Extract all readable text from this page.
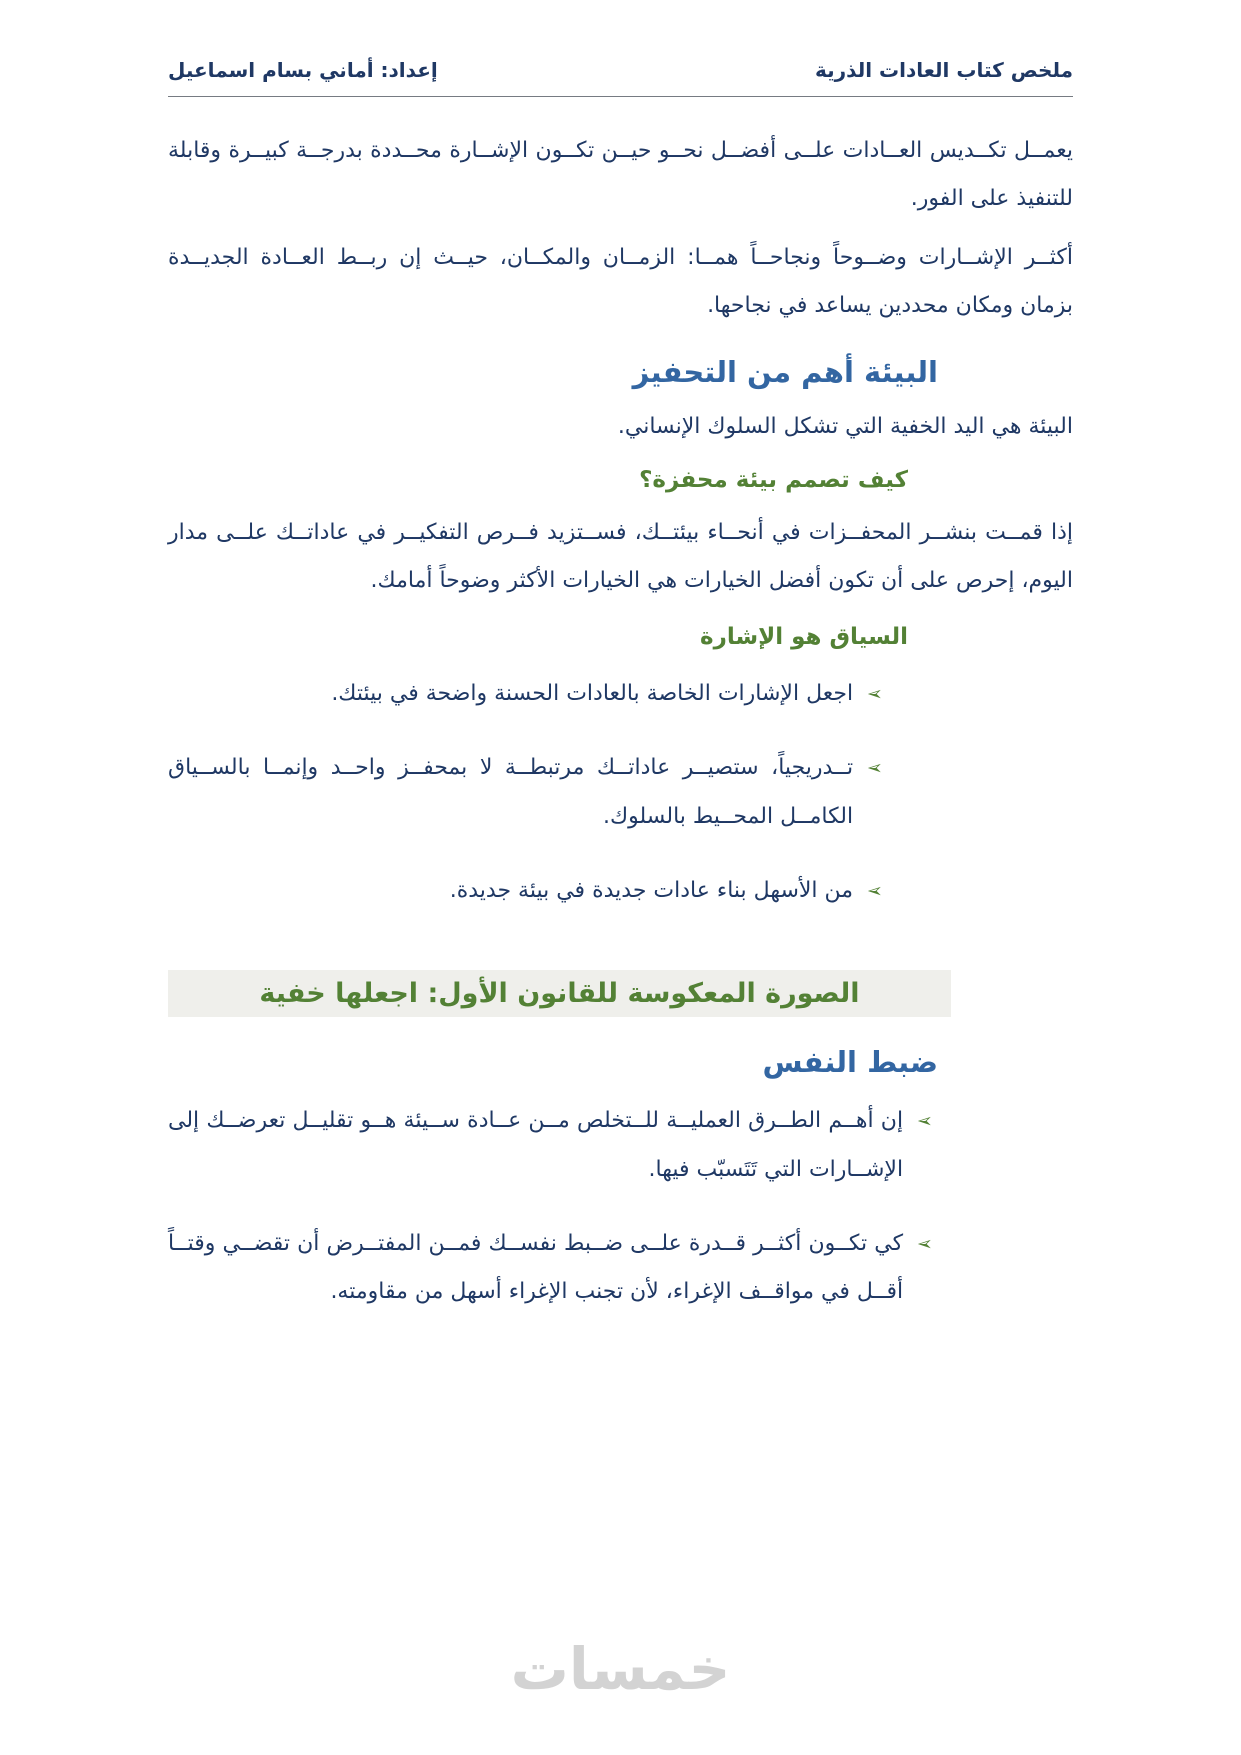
ملخص كتاب العادات الذرية
إعداد: أماني بسام اسماعيل

يعمــل تكــديس العــادات علــى أفضــل نحــو حيــن تكــون الإشــارة محــددة بدرجــة كبيــرة وقابلة للتنفيذ على الفور.

أكثــر الإشــارات وضــوحاً ونجاحــاً همــا: الزمــان والمكــان، حيــث إن ربــط العــادة الجديــدة بزمان ومكان محددين يساعد في نجاحها.

البيئة أهم من التحفيز

البيئة هي اليد الخفية التي تشكل السلوك الإنساني.

كيف تصمم بيئة محفزة؟

إذا قمــت بنشــر المحفــزات في أنحــاء بيئتــك، فســتزيد فــرص التفكيــر في عاداتــك علــى مدار اليوم، إحرص على أن تكون أفضل الخيارات هي الخيارات الأكثر وضوحاً أمامك.

السياق هو الإشارة
➢
اجعل الإشارات الخاصة بالعادات الحسنة واضحة في بيئتك.
➢
تــدريجياً، ستصيــر عاداتــك مرتبطــة لا بمحفــز واحــد وإنمــا بالســياق الكامــل المحــيط بالسلوك.
➢
من الأسهل بناء عادات جديدة في بيئة جديدة.
الصورة المعكوسة للقانون الأول: اجعلها خفية
ضبط النفس
➢
إن أهــم الطــرق العمليــة للــتخلص مــن عــادة ســيئة هــو تقليــل تعرضــك إلى الإشــارات التي تَتَسبّب فيها.
➢
كي تكــون أكثــر قــدرة علــى ضــبط نفســك فمــن المفتــرض أن تقضــي وقتــاً أقــل في مواقــف الإغراء، لأن تجنب الإغراء أسهل من مقاومته.
خمسات
